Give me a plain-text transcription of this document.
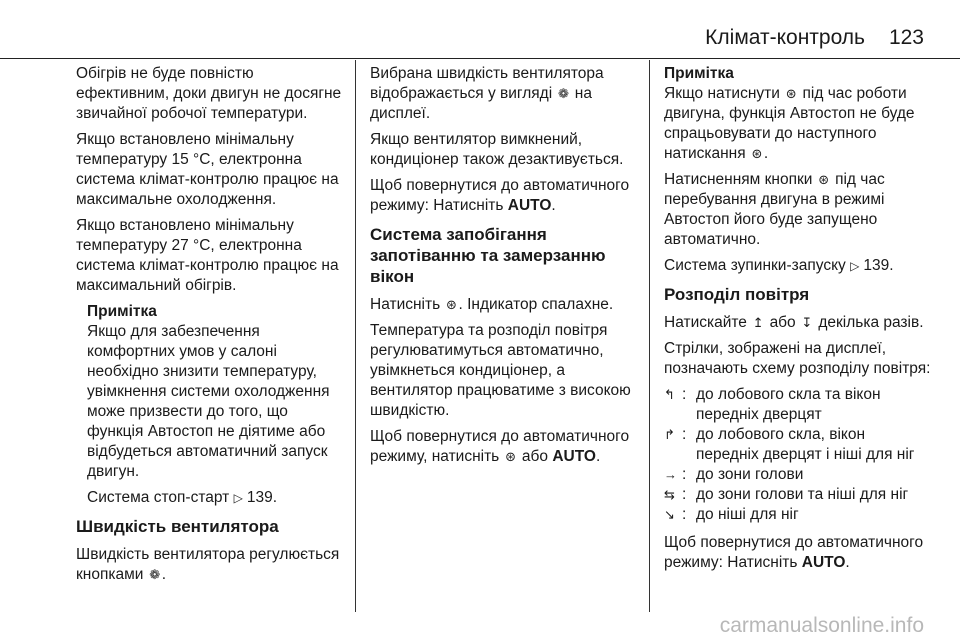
Клімат-контроль 123

Обігрів не буде повністю ефективним, доки двигун не досягне звичайної робочої температури.

Якщо встановлено мінімальну температуру 15 °C, електронна система клімат-контролю працює на максимальне охолодження.

Якщо встановлено мінімальну температуру 27 °C, електронна система клімат-контролю працює на максимальний обігрів.

Примітка

Якщо для забезпечення комфортних умов у салоні необхідно знизити температуру, увімкнення системи охолодження може призвести до того, що функція Автостоп не діятиме або відбудеться автоматичний запуск двигун.

Система стоп-старт ▷ 139.

Швидкість вентилятора

Швидкість вентилятора регулюється кнопками ❁.

Вибрана швидкість вентилятора відображається у вигляді ❁ на дисплеї.

Якщо вентилятор вимкнений, кондиціонер також дезактивується.

Щоб повернутися до автоматичного режиму: Натисніть AUTO.

Система запобігання запотіванню та замерзанню вікон

Натисніть ⊛. Індикатор спалахне.

Температура та розподіл повітря регулюватимуться автоматично, увімкнеться кондиціонер, а вентилятор працюватиме з високою швидкістю.

Щоб повернутися до автоматичного режиму, натисніть ⊛ або AUTO.

Примітка

Якщо натиснути ⊛ під час роботи двигуна, функція Автостоп не буде спрацьовувати до наступного натискання ⊛.

Натисненням кнопки ⊛ під час перебування двигуна в режимі Автостоп його буде запущено автоматично.

Система зупинки-запуску ▷ 139.

Розподіл повітря

Натискайте ↥ або ↧ декілька разів.

Стрілки, зображені на дисплеї, позначають схему розподілу повітря:

↰ : до лобового скла та вікон передніх дверцят
↱ : до лобового скла, вікон передніх дверцят і ніші для ніг
→ : до зони голови
⇆ : до зони голови та ніші для ніг
↘ : до ніші для ніг

Щоб повернутися до автоматичного режиму: Натисніть AUTO.

carmanualsonline.info
